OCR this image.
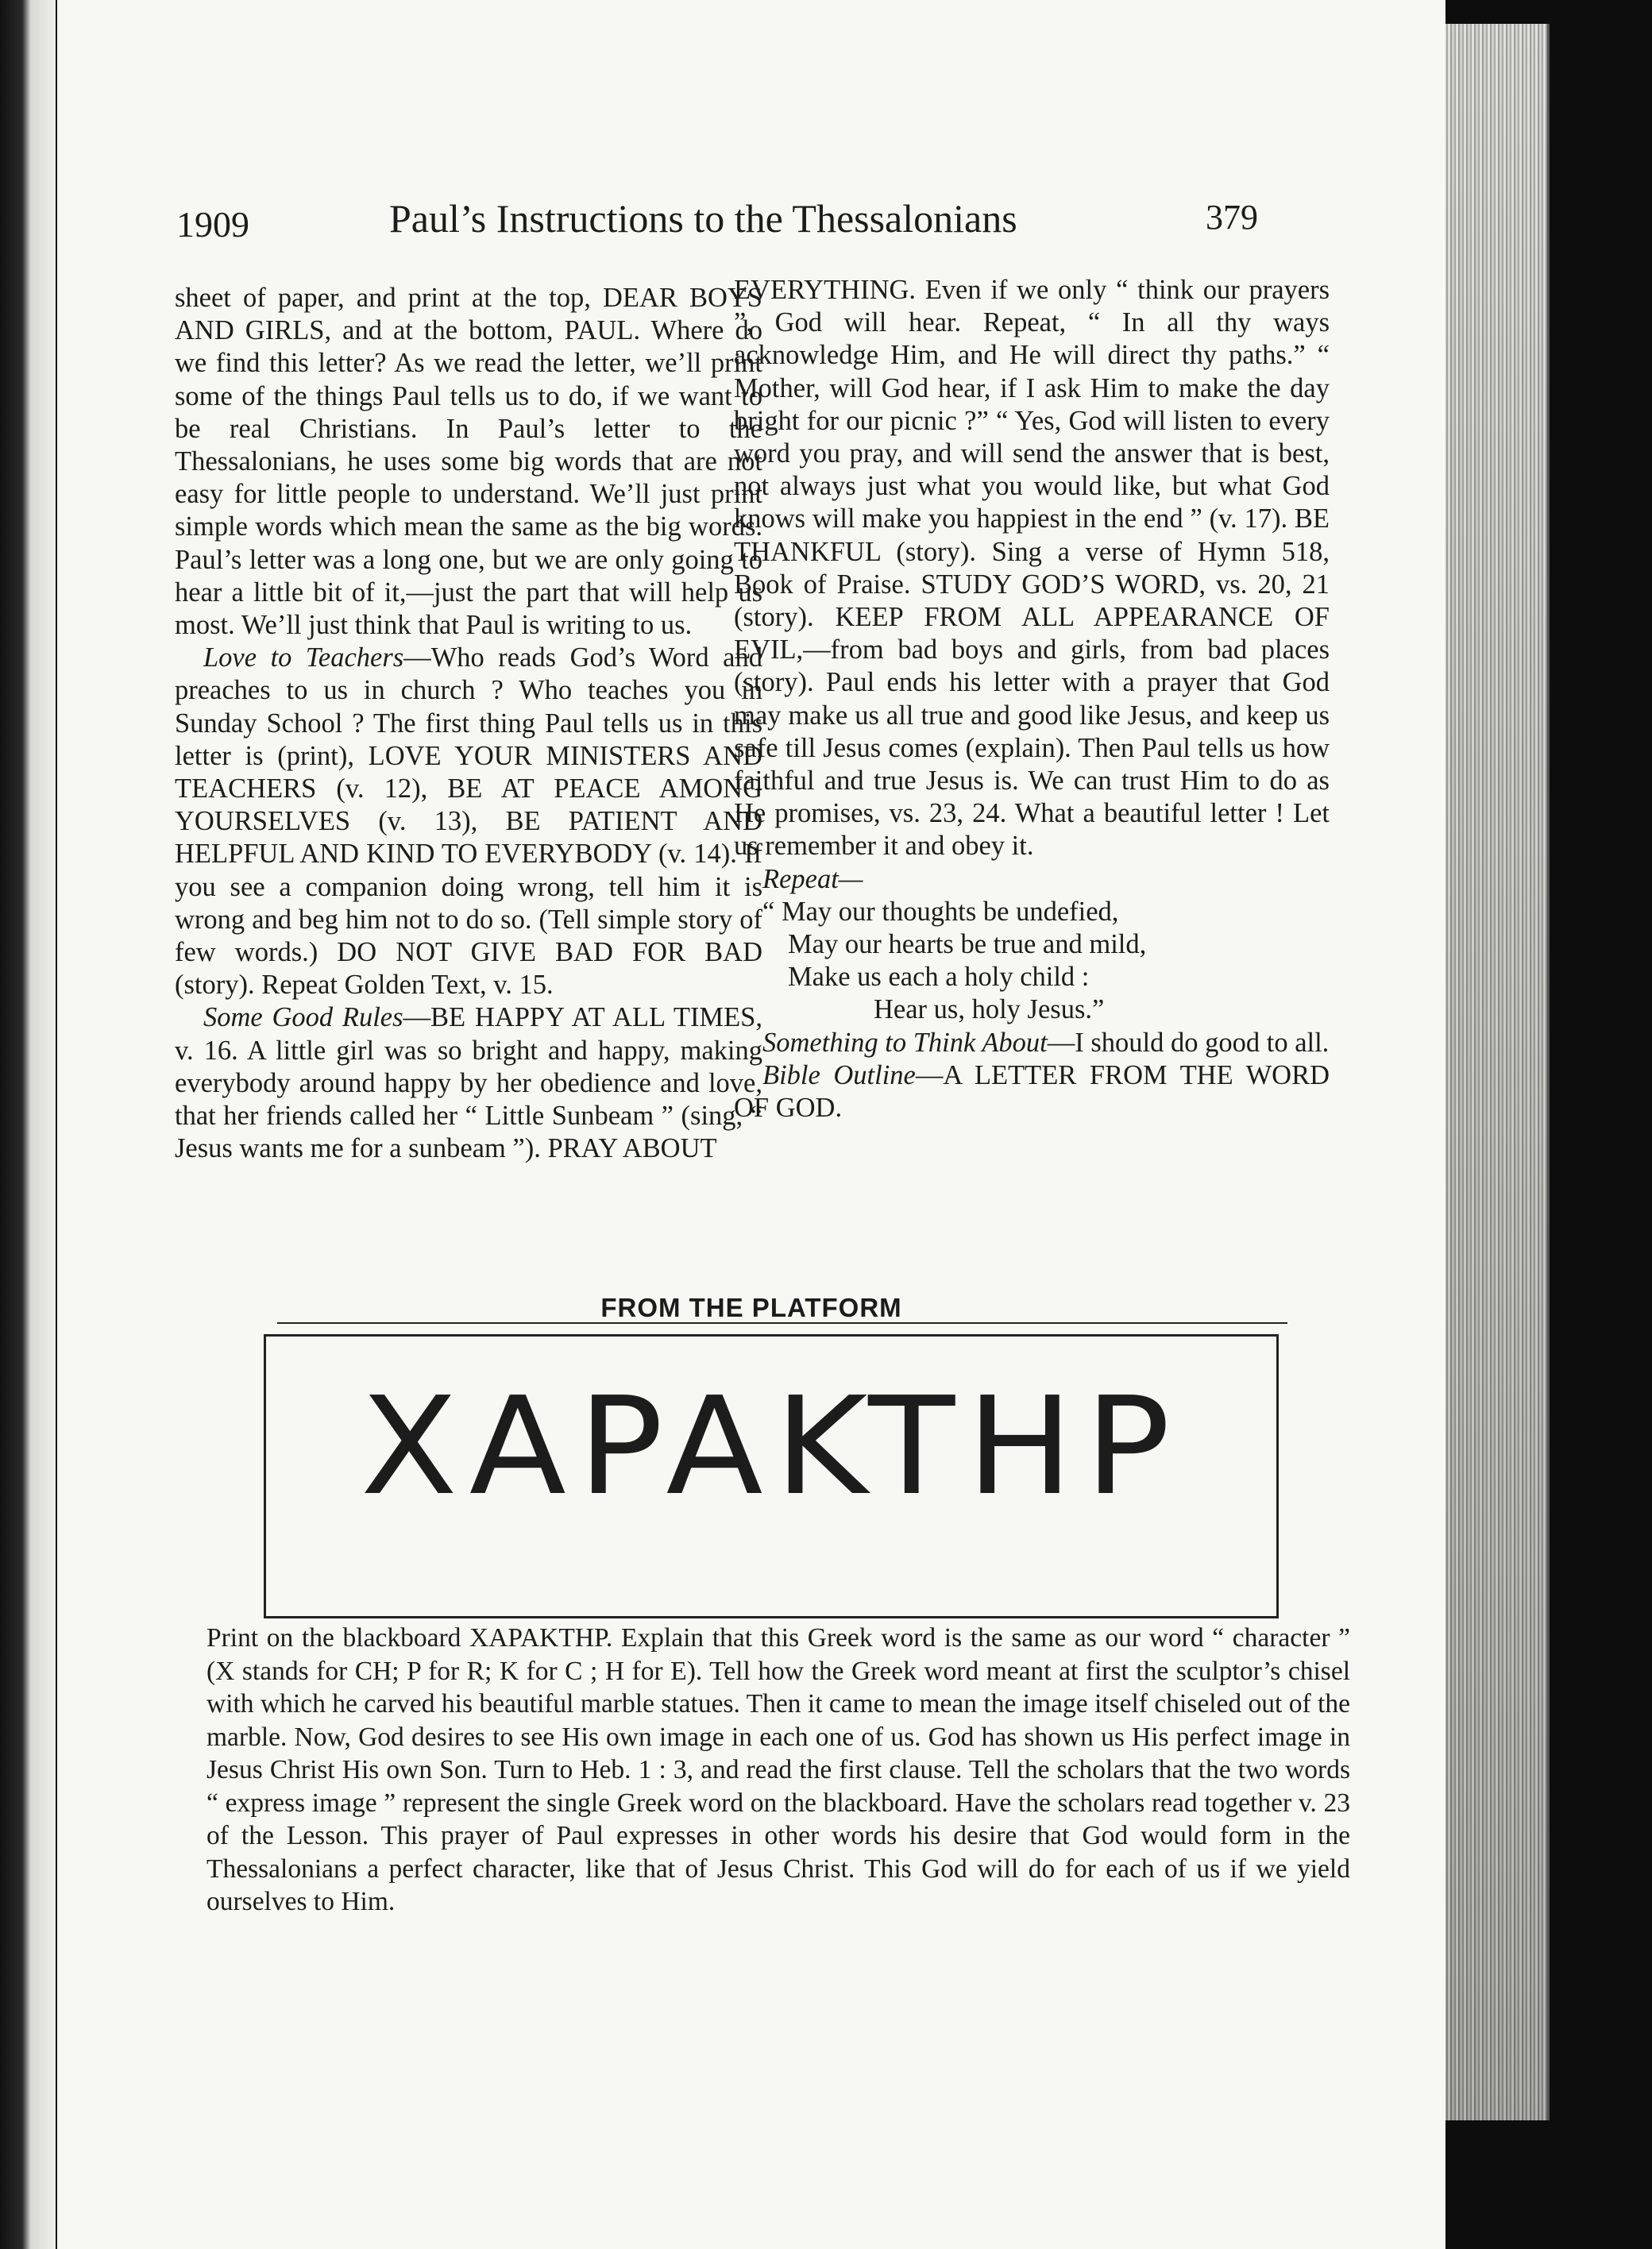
1909	Paul’s Instructions to the Thessalonians	379

sheet of paper, and print at the top, DEAR BOYS AND GIRLS, and at the bottom, PAUL. Where do we find this letter? As we read the letter, we’ll print some of the things Paul tells us to do, if we want to be real Christians. In Paul’s letter to the Thessalonians, he uses some big words that are not easy for little people to understand. We’ll just print simple words which mean the same as the big words. Paul’s letter was a long one, but we are only going to hear a little bit of it,—just the part that will help us most. We’ll just think that Paul is writing to us.

Love to Teachers—Who reads God’s Word and preaches to us in church ? Who teaches you in Sunday School ? The first thing Paul tells us in this letter is (print), LOVE YOUR MINISTERS AND TEACHERS (v. 12), BE AT PEACE AMONG YOURSELVES (v. 13), BE PATIENT AND HELPFUL AND KIND TO EVERYBODY (v. 14). If you see a companion doing wrong, tell him it is wrong and beg him not to do so. (Tell simple story of few words.) DO NOT GIVE BAD FOR BAD (story). Repeat Golden Text, v. 15.

Some Good Rules—BE HAPPY AT ALL TIMES, v. 16. A little girl was so bright and happy, making everybody around happy by her obedience and love, that her friends called her “ Little Sunbeam ” (sing, “ Jesus wants me for a sunbeam ”). PRAY ABOUT

EVERYTHING. Even if we only “ think our prayers ”, God will hear. Repeat, “ In all thy ways acknowledge Him, and He will direct thy paths.” “ Mother, will God hear, if I ask Him to make the day bright for our picnic ?” “ Yes, God will listen to every word you pray, and will send the answer that is best, not always just what you would like, but what God knows will make you happiest in the end ” (v. 17). BE THANKFUL (story). Sing a verse of Hymn 518, Book of Praise. STUDY GOD’S WORD, vs. 20, 21 (story). KEEP FROM ALL APPEARANCE OF EVIL,—from bad boys and girls, from bad places (story). Paul ends his letter with a prayer that God may make us all true and good like Jesus, and keep us safe till Jesus comes (explain). Then Paul tells us how faithful and true Jesus is. We can trust Him to do as He promises, vs. 23, 24. What a beautiful letter ! Let us remember it and obey it.

Repeat—

“ May our thoughts be undefied,
May our hearts be true and mild,
Make us each a holy child :
Hear us, holy Jesus.”

Something to Think About—I should do good to all.

Bible Outline—A LETTER FROM THE WORD OF GOD.

FROM THE PLATFORM
XAPAKTHP
Print on the blackboard XAPAKTHP. Explain that this Greek word is the same as our word “ character ” (X stands for CH; P for R; K for C ; H for E). Tell how the Greek word meant at first the sculptor’s chisel with which he carved his beautiful marble statues. Then it came to mean the image itself chiseled out of the marble. Now, God desires to see His own image in each one of us. God has shown us His perfect image in Jesus Christ His own Son. Turn to Heb. 1 : 3, and read the first clause. Tell the scholars that the two words “ express image ” represent the single Greek word on the blackboard. Have the scholars read together v. 23 of the Lesson. This prayer of Paul expresses in other words his desire that God would form in the Thessalonians a perfect character, like that of Jesus Christ. This God will do for each of us if we yield ourselves to Him.
